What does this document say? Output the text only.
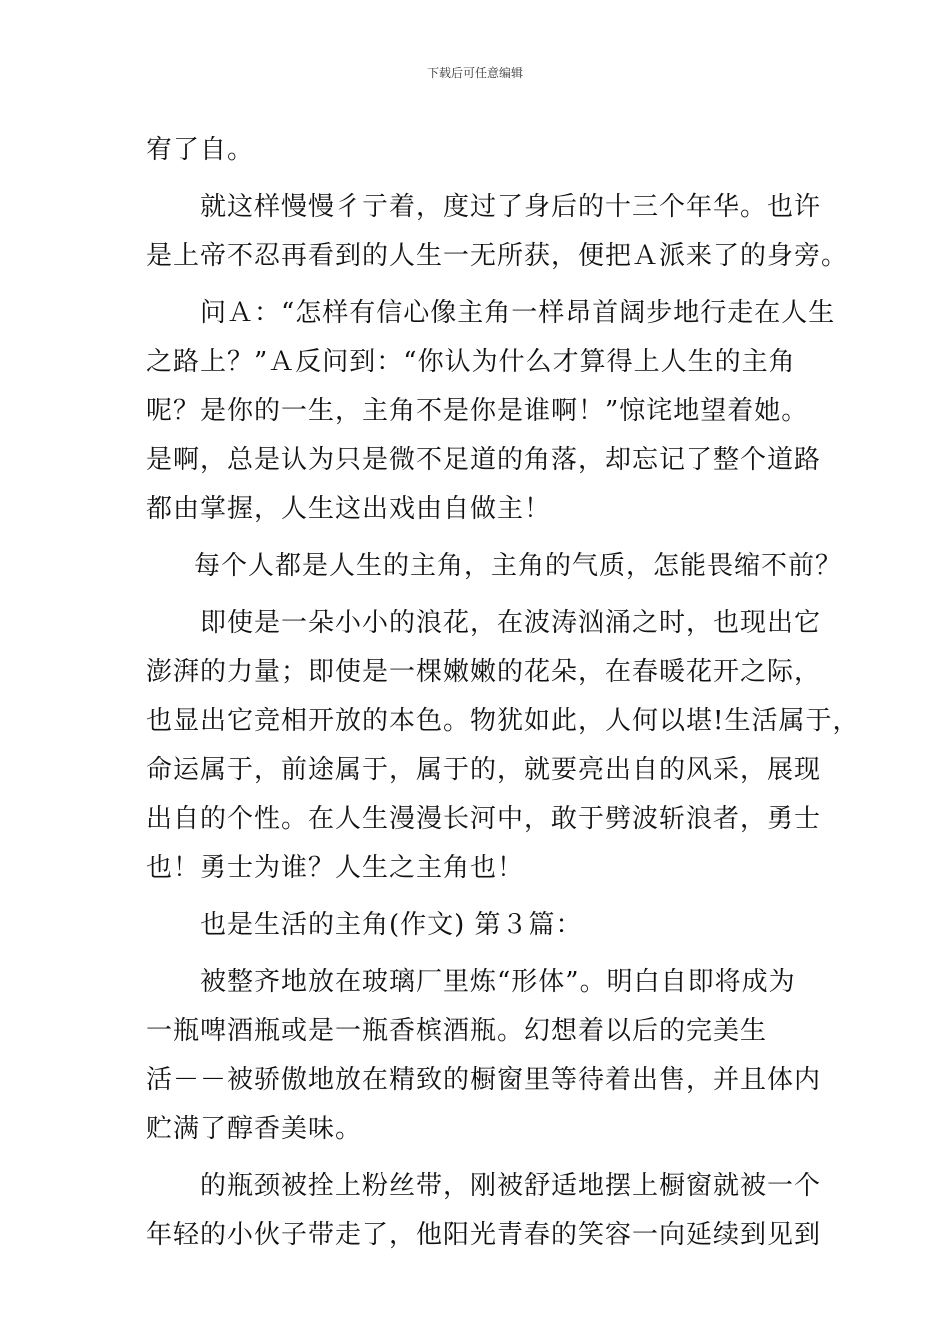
下载后可任意编辑
宥了自。
就这样慢慢彳亍着，度过了身后的十三个年华。也许
是上帝不忍再看到的人生一无所获，便把Ａ派来了的身旁。
问Ａ：“怎样有信心像主角一样昂首阔步地行走在人生
之路上？”Ａ反问到：“你认为什么才算得上人生的主角
呢？是你的一生，主角不是你是谁啊！”惊诧地望着她。
是啊，总是认为只是微不足道的角落，却忘记了整个道路
都由掌握，人生这出戏由自做主！
每个人都是人生的主角，主角的气质，怎能畏缩不前？
即使是一朵小小的浪花，在波涛汹涌之时，也现出它
澎湃的力量；即使是一棵嫩嫩的花朵，在春暖花开之际，
也显出它竞相开放的本色。物犹如此，人何以堪!生活属于，
命运属于，前途属于，属于的，就要亮出自的风采，展现
出自的个性。在人生漫漫长河中，敢于劈波斩浪者，勇士
也！勇士为谁？人生之主角也！
也是生活的主角(作文) 第３篇：
被整齐地放在玻璃厂里炼“形体”。明白自即将成为
一瓶啤酒瓶或是一瓶香槟酒瓶。幻想着以后的完美生
活－－被骄傲地放在精致的橱窗里等待着出售，并且体内
贮满了醇香美味。
的瓶颈被拴上粉丝带，刚被舒适地摆上橱窗就被一个
年轻的小伙子带走了，他阳光青春的笑容一向延续到见到
